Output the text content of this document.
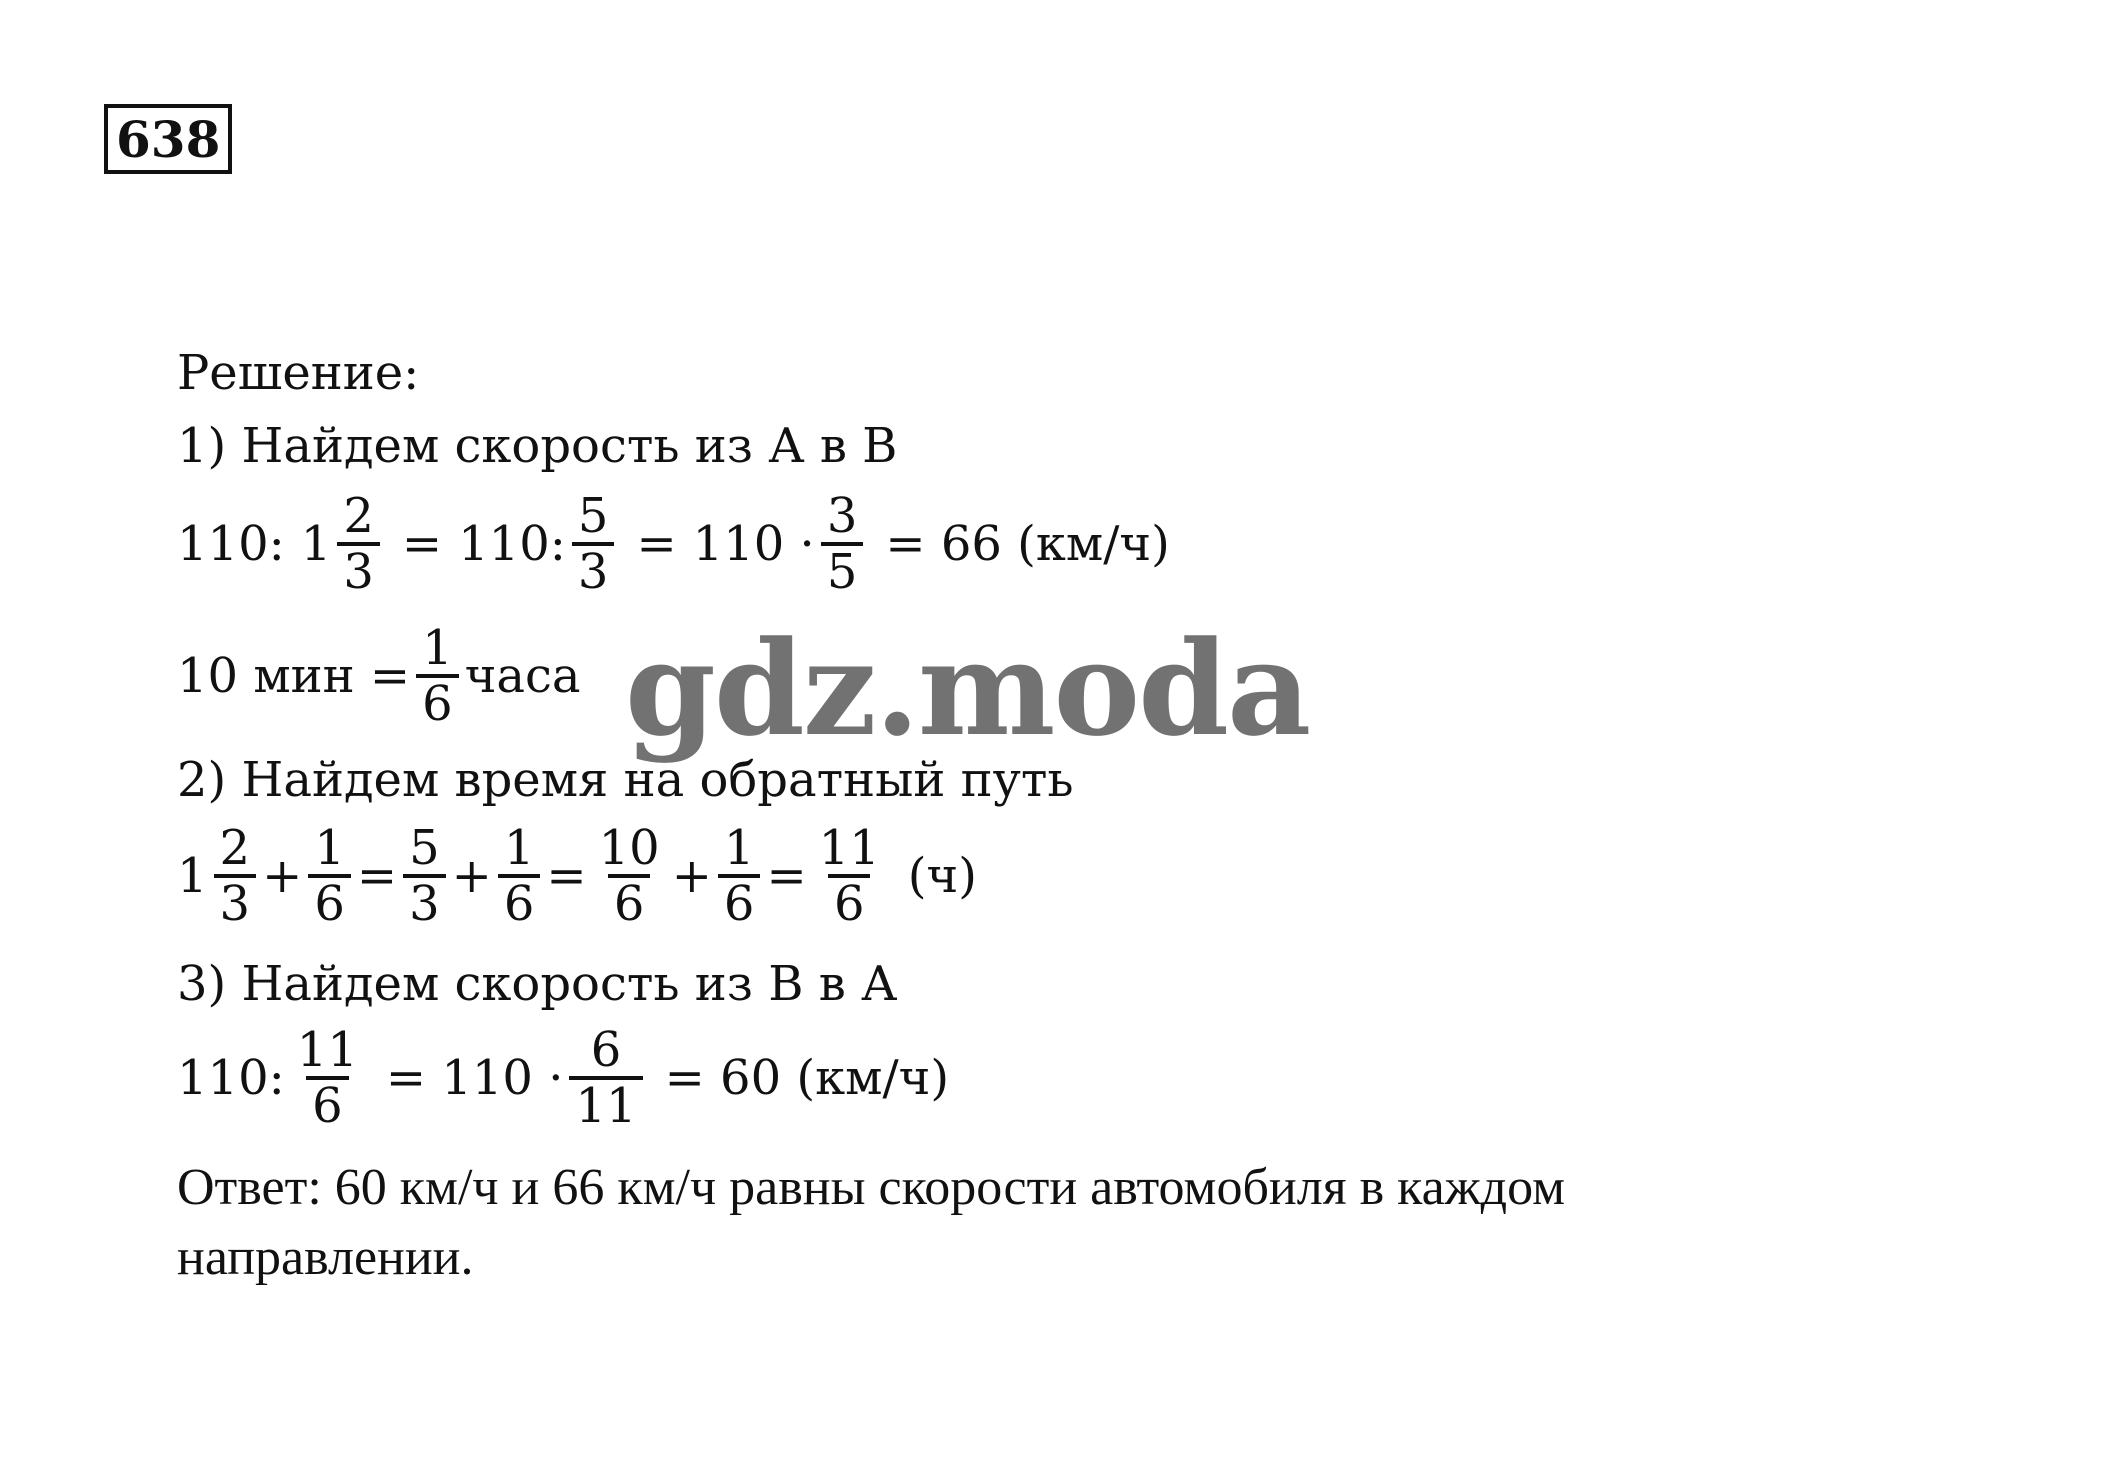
638
Решение:
1) Найдем скорость из А в В
110: $1 \frac{2}{3} = 110$: $\frac{5}{3} = 110 \cdot \frac{3}{5} = 66$ (км/ч)
10 мин = $\frac{1}{6}$ часа
2) Найдем время на обратный путь
$1 \frac{2}{3} + \frac{1}{6} = \frac{5}{3} + \frac{1}{6} = \frac{10}{6} + \frac{1}{6} = \frac{11}{6} (ч)$
3) Найдем скорость из В в А
110: $\frac{11}{6} = 110 \cdot \frac{6}{11} = 60$ (км/ч)
Ответ: 60 км/ч и 66 км/ч равны скорости автомобиля в каждом направлении.
gdz.moda
